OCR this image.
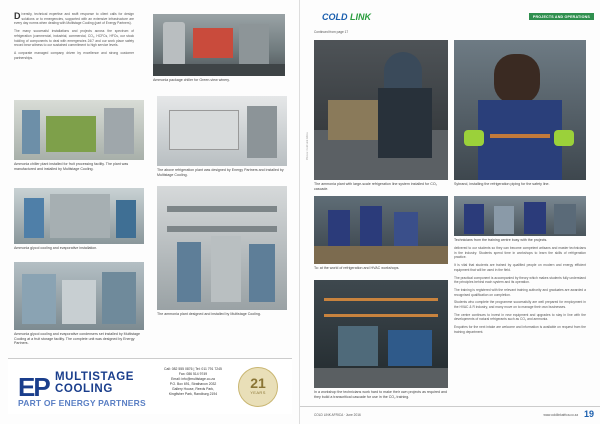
Diversity, technical expertise and swift response to client calls for design solutions or to emergencies, supported with an extensive infrastructure are every day norms when dealing with Multistage Cooling (part of Energy Partners).

The many successful installations and projects across the spectrum of refrigeration (commercial, industrial, commercial, CO₂, HCFCs, HFCs, our stock holding of components to deal with emergencies 24/7 and our work place safety record bear witness to our sustained commitment to high service levels.

A corporate managed company driven by excellence and strong customer partnerships.

Ammonia package chiller for Green-view winery.
Ammonia chiller plant installed for fruit processing facility. The plant was manufactured and installed by Multistage Cooling.	The above refrigeration plant was designed by Energy Partners and installed by Multistage Cooling.
Ammonia glycol cooling and evaporative installation.
The ammonia plant designed and installed by Multistage Cooling.
Ammonia glycol cooling and evaporative condensers set installed by Multistage Cooling at a fruit storage facility. The complete unit was designed by Energy Partners.
EP MULTISTAGE
COOLING
PART OF ENERGY PARTNERS
Call: 082 555 0876 | Tel: 011 791 7245
Fax: 086 514 9749
Email: info@multistage.co.za
P.O. Box 691, Strathavon 2032
Gallery House, Reeds Park,
Kingfisher Park, Randburg 2194
21
YEARS
COLD LINK	PROJECTS AND OPERATIONS
Continued from page 17
Photos: Cold Link Africa
The ammonia plant with large-scale refrigeration line system installed for CO₂ cascade.
Sybrand, installing the refrigeration piping for the safety line.
To: at the world of refrigeration and HVAC workshops.
Technicians from the training centre busy with the projects.

delivered to our students so they can become competent artisans and master technicians in the industry. Students spend time in workshops to learn the skills of refrigeration practice.

It is vital that students are trained by qualified people on modern and energy efficient equipment that will be used in the field.

The practical component is accompanied by theory which makes students fully understand the principles behind each system and its operation.

The training is registered with the relevant training authority and graduates are awarded a recognised qualification on completion.

Students who complete the programme successfully are well prepared for employment in the HVAC & R industry, and many move on to manage their own businesses.

The centre continues to invest in new equipment and upgrades to stay in line with the developments of natural refrigerants such as CO₂ and ammonia.

Enquiries for the next intake are welcome and information is available on request from the training department.

In a workshop the technicians work hard to make their own projects as required and they build a transcritical cascade for use in the CO₂ training.
COLD LINK AFRICA · June 2016	www.coldlinkafrica.co.za 19
